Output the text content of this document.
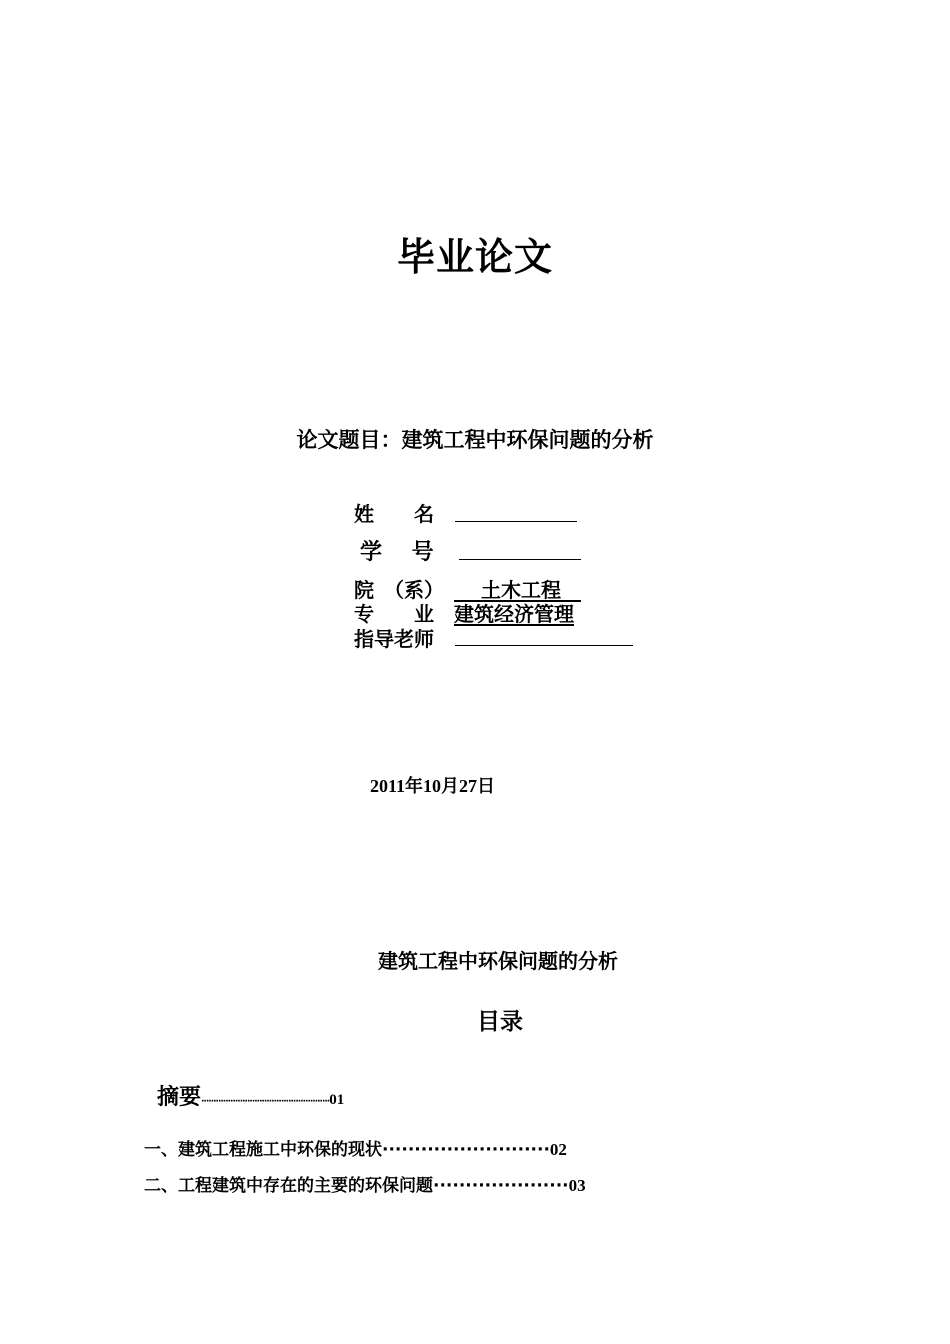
毕业论文
论文题目：建筑工程中环保问题的分析
姓　　名
学　 号
院　（系） 　 土木工程　
专　　业 建筑经济管理
指导老师
2011年10月27日
建筑工程中环保问题的分析
目录
摘要·····················································01
一、建筑工程施工中环保的现状··························02
二、工程建筑中存在的主要的环保问题·····················03
